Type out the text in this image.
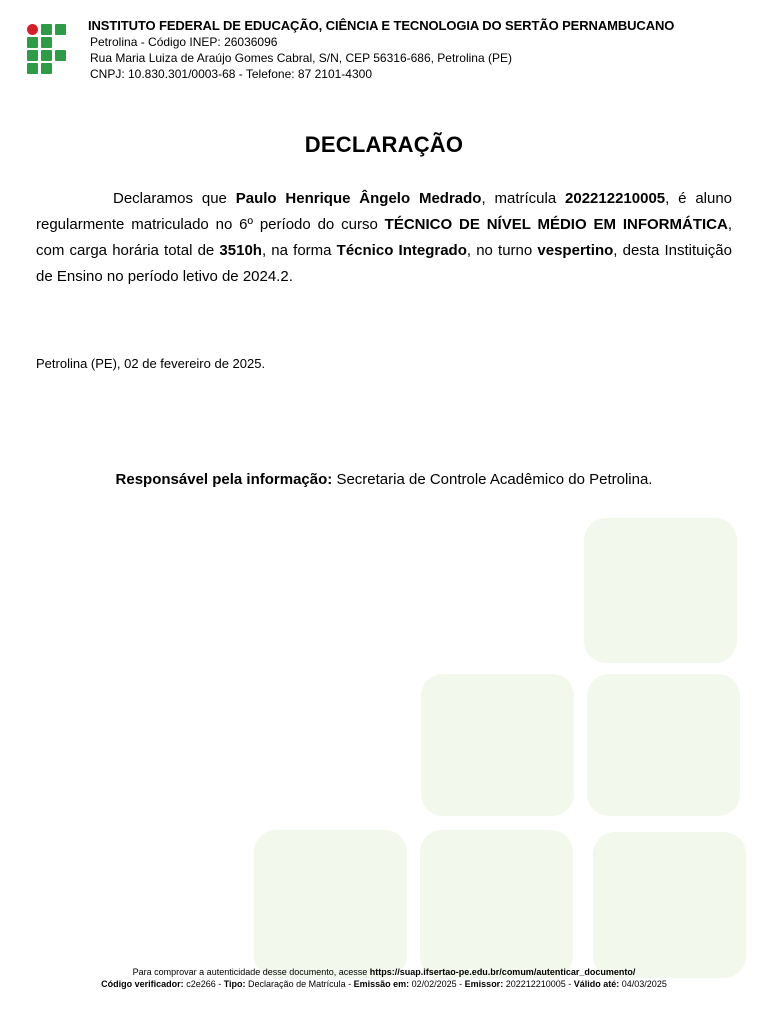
INSTITUTO FEDERAL DE EDUCAÇÃO, CIÊNCIA E TECNOLOGIA DO SERTÃO PERNAMBUCANO
Petrolina - Código INEP: 26036096
Rua Maria Luiza de Araújo Gomes Cabral, S/N, CEP 56316-686, Petrolina (PE)
CNPJ: 10.830.301/0003-68 - Telefone: 87 2101-4300
DECLARAÇÃO
Declaramos que Paulo Henrique Ângelo Medrado, matrícula 202212210005, é aluno regularmente matriculado no 6º período do curso TÉCNICO DE NÍVEL MÉDIO EM INFORMÁTICA, com carga horária total de 3510h, na forma Técnico Integrado, no turno vespertino, desta Instituição de Ensino no período letivo de 2024.2.
Petrolina (PE), 02 de fevereiro de 2025.
Responsável pela informação: Secretaria de Controle Acadêmico do Petrolina.
Para comprovar a autenticidade desse documento, acesse https://suap.ifsertao-pe.edu.br/comum/autenticar_documento/
Código verificador: c2e266 - Tipo: Declaração de Matrícula - Emissão em: 02/02/2025 - Emissor: 202212210005 - Válido até: 04/03/2025
